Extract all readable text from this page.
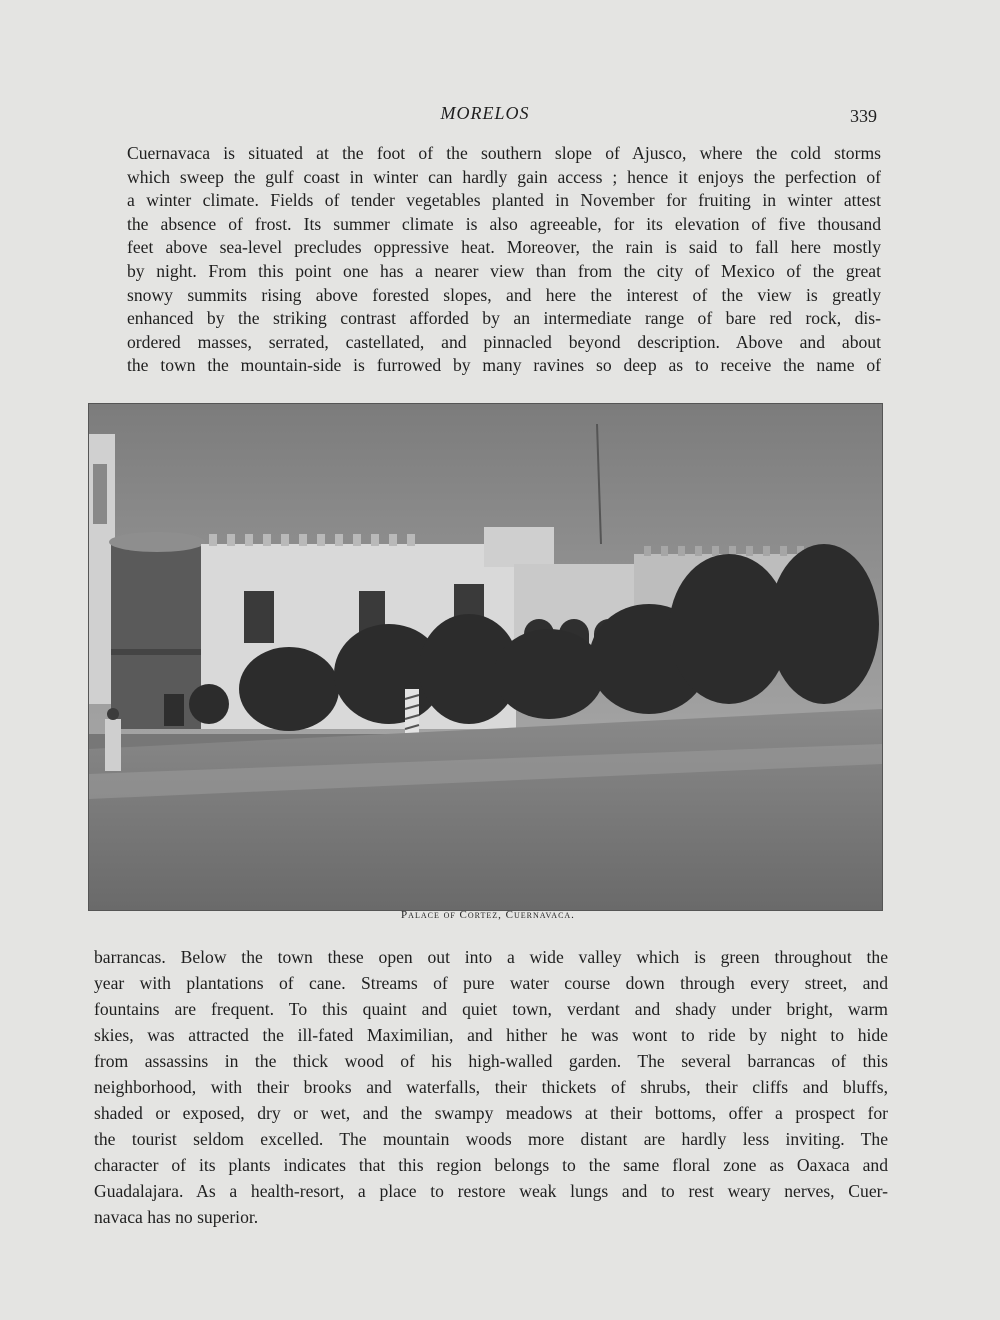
MORELOS	339

Cuernavaca is situated at the foot of the southern slope of Ajusco, where the cold storms
which sweep the gulf coast in winter can hardly gain access ; hence it enjoys the perfection of
a winter climate. Fields of tender vegetables planted in November for fruiting in winter attest
the absence of frost. Its summer climate is also agreeable, for its elevation of five thousand
feet above sea-level precludes oppressive heat. Moreover, the rain is said to fall here mostly
by night. From this point one has a nearer view than from the city of Mexico of the great
snowy summits rising above forested slopes, and here the interest of the view is greatly
enhanced by the striking contrast afforded by an intermediate range of bare red rock, dis-
ordered masses, serrated, castellated, and pinnacled beyond description. Above and about
the town the mountain-side is furrowed by many ravines so deep as to receive the name of

Palace of Cortez, Cuernavaca.

barrancas. Below the town these open out into a wide valley which is green throughout the
year with plantations of cane. Streams of pure water course down through every street, and
fountains are frequent. To this quaint and quiet town, verdant and shady under bright, warm
skies, was attracted the ill-fated Maximilian, and hither he was wont to ride by night to hide
from assassins in the thick wood of his high-walled garden. The several barrancas of this
neighborhood, with their brooks and waterfalls, their thickets of shrubs, their cliffs and bluffs,
shaded or exposed, dry or wet, and the swampy meadows at their bottoms, offer a prospect for
the tourist seldom excelled. The mountain woods more distant are hardly less inviting. The
character of its plants indicates that this region belongs to the same floral zone as Oaxaca and
Guadalajara. As a health-resort, a place to restore weak lungs and to rest weary nerves, Cuer-
navaca has no superior.
